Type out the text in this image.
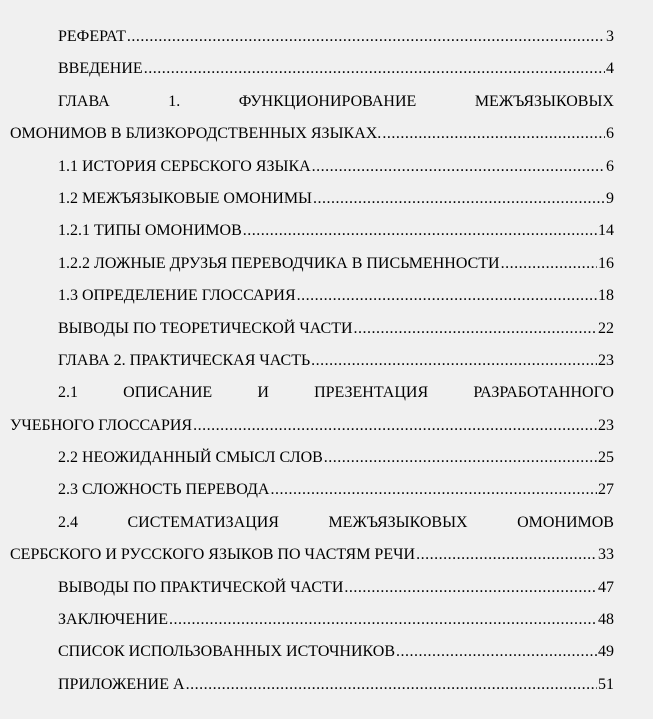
РЕФЕРАТ .....	3
ВВЕДЕНИЕ .....	4
ГЛАВА	1.	ФУНКЦИОНИРОВАНИЕ	МЕЖЪЯЗЫКОВЫХ
ОМОНИМОВ В БЛИЗКОРОДСТВЕННЫХ ЯЗЫКАХ. .....	6
1.1 ИСТОРИЯ СЕРБСКОГО ЯЗЫКА .....	6
1.2 МЕЖЪЯЗЫКОВЫЕ ОМОНИМЫ .....	9
1.2.1 ТИПЫ ОМОНИМОВ .....	14
1.2.2 ЛОЖНЫЕ ДРУЗЬЯ ПЕРЕВОДЧИКА В ПИСЬМЕННОСТИ .....	16
1.3 ОПРЕДЕЛЕНИЕ ГЛОССАРИЯ .....	18
ВЫВОДЫ ПО ТЕОРЕТИЧЕСКОЙ ЧАСТИ .....	22
ГЛАВА 2. ПРАКТИЧЕСКАЯ ЧАСТЬ .....	23
2.1	ОПИСАНИЕ	И	ПРЕЗЕНТАЦИЯ	РАЗРАБОТАННОГО
УЧЕБНОГО ГЛОССАРИЯ .....	23
2.2 НЕОЖИДАННЫЙ СМЫСЛ СЛОВ .....	25
2.3 СЛОЖНОСТЬ ПЕРЕВОДА .....	27
2.4	СИСТЕМАТИЗАЦИЯ	МЕЖЪЯЗЫКОВЫХ	ОМОНИМОВ
СЕРБСКОГО И РУССКОГО ЯЗЫКОВ ПО ЧАСТЯМ РЕЧИ .....	33
ВЫВОДЫ ПО ПРАКТИЧЕСКОЙ ЧАСТИ .....	47
ЗАКЛЮЧЕНИЕ .....	48
СПИСОК ИСПОЛЬЗОВАННЫХ ИСТОЧНИКОВ .....	49
ПРИЛОЖЕНИЕ А .....	51
